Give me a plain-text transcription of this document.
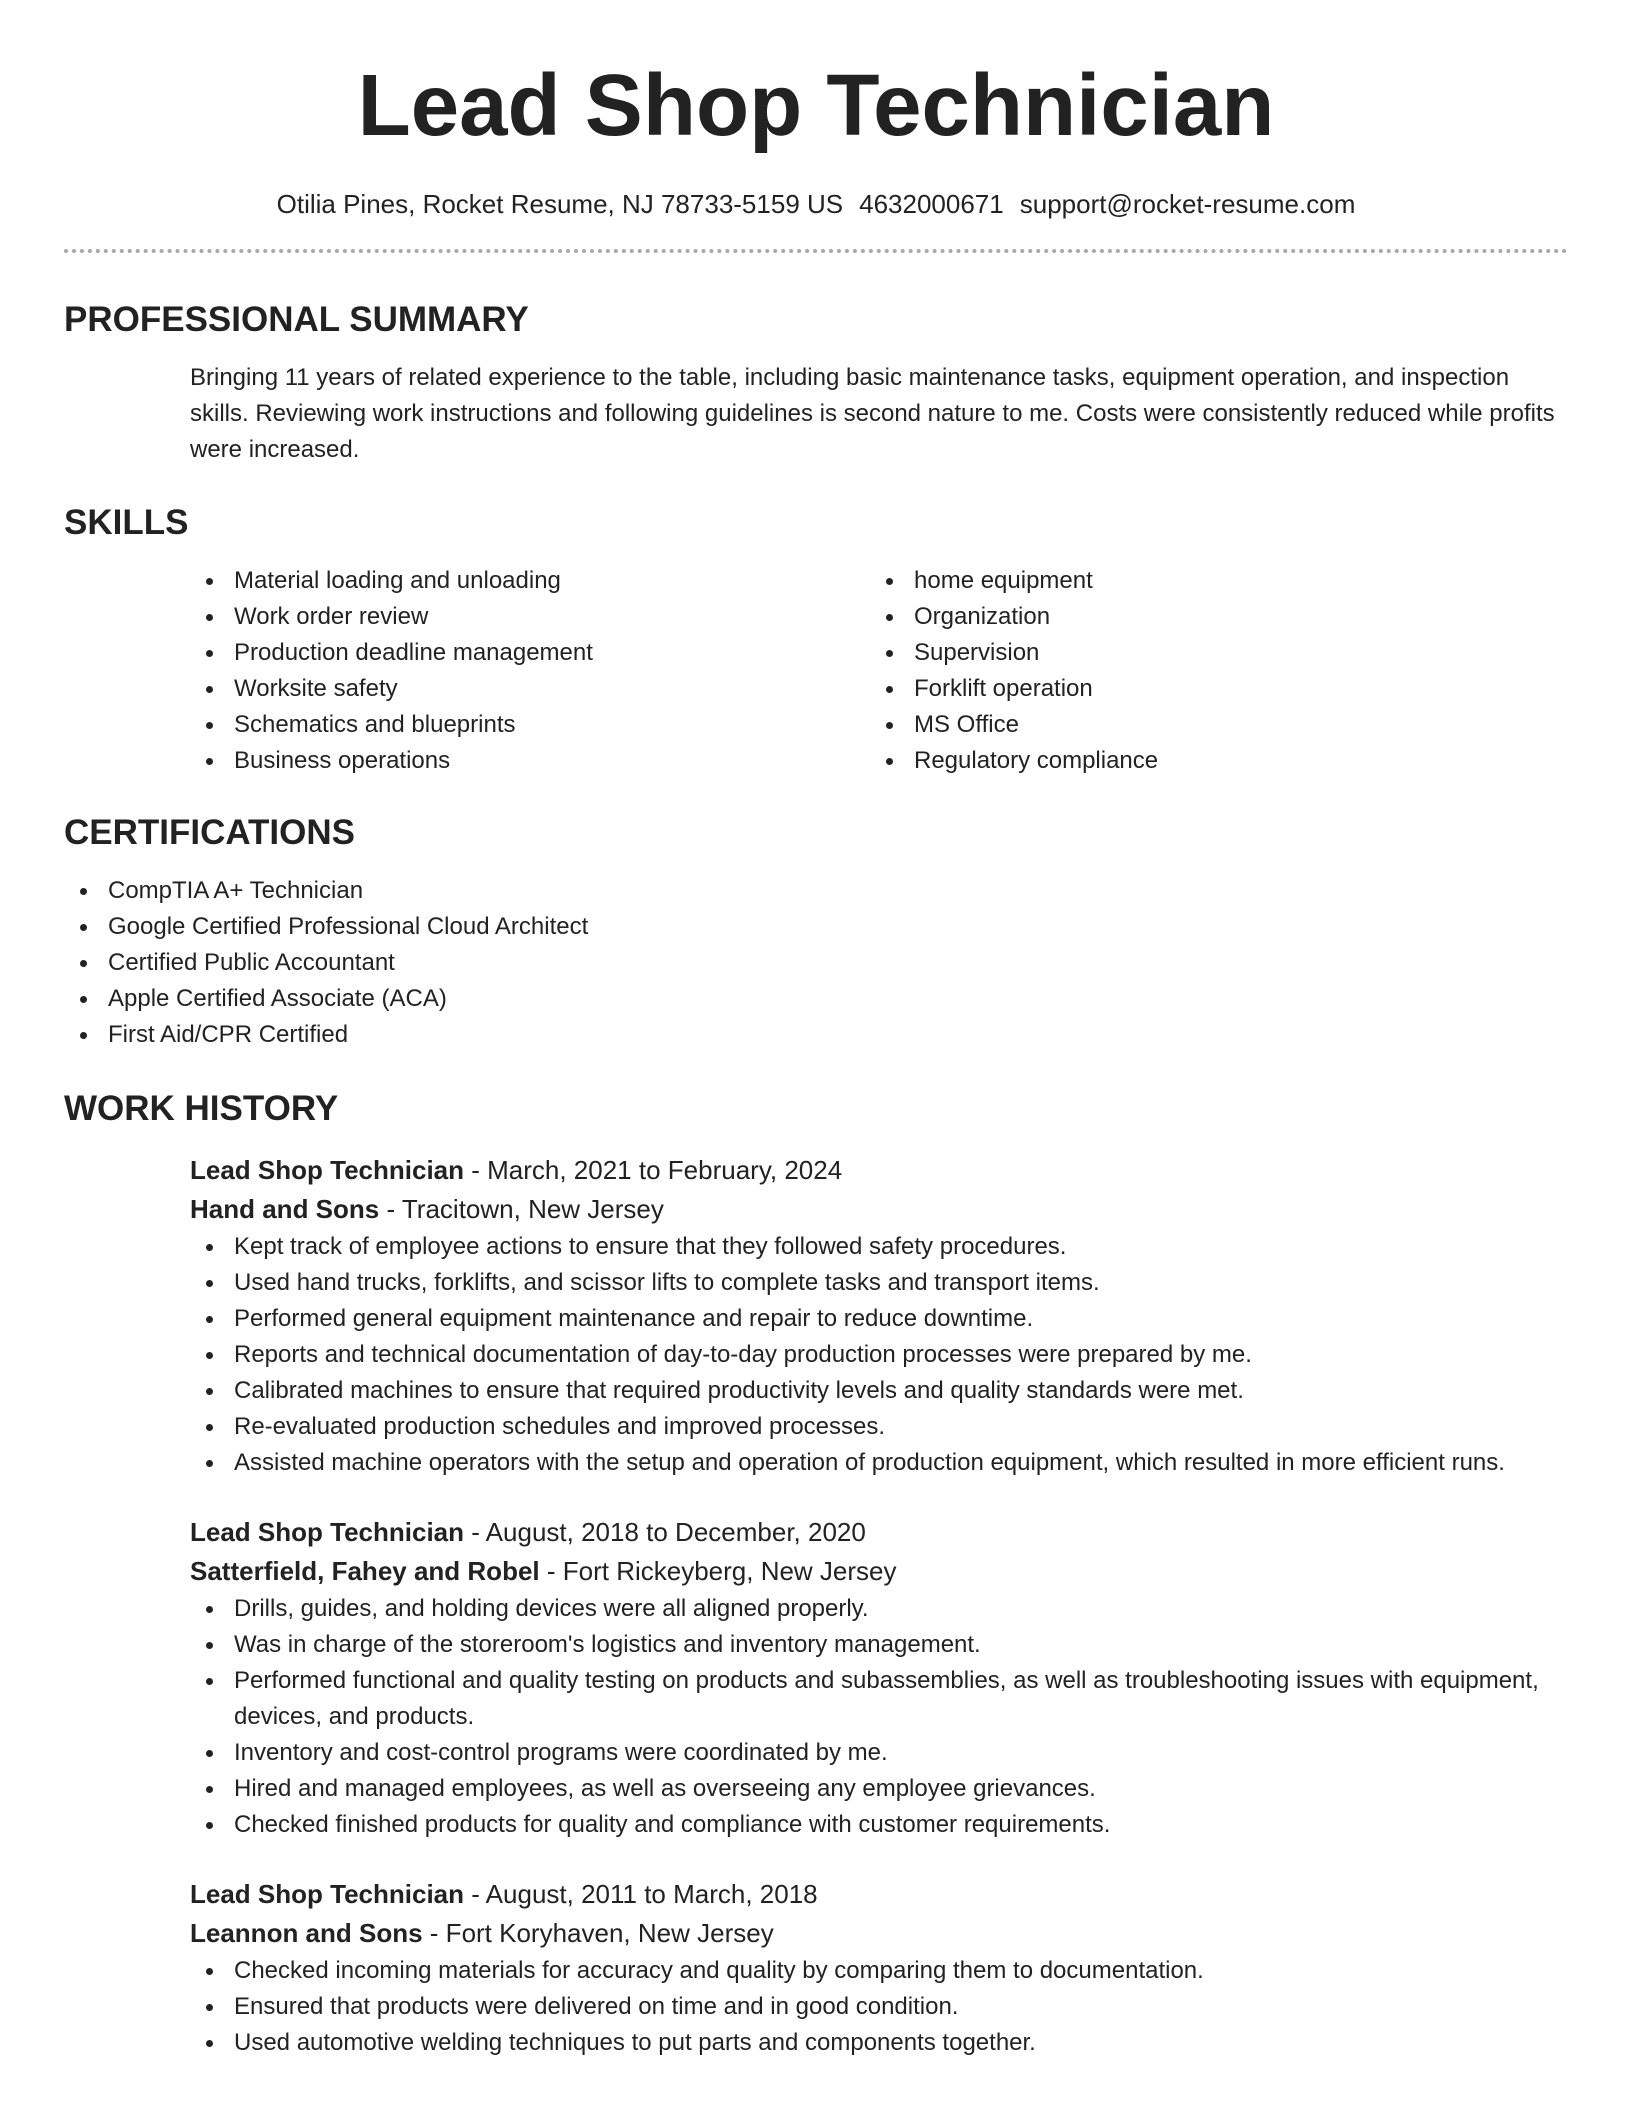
Lead Shop Technician
Otilia Pines, Rocket Resume, NJ 78733-5159 US 4632000671 support@rocket-resume.com
PROFESSIONAL SUMMARY
Bringing 11 years of related experience to the table, including basic maintenance tasks, equipment operation, and inspection skills. Reviewing work instructions and following guidelines is second nature to me. Costs were consistently reduced while profits were increased.
SKILLS
Material loading and unloading
Work order review
Production deadline management
Worksite safety
Schematics and blueprints
Business operations
home equipment
Organization
Supervision
Forklift operation
MS Office
Regulatory compliance
CERTIFICATIONS
CompTIA A+ Technician
Google Certified Professional Cloud Architect
Certified Public Accountant
Apple Certified Associate (ACA)
First Aid/CPR Certified
WORK HISTORY
Lead Shop Technician - March, 2021 to February, 2024
Hand and Sons - Tracitown, New Jersey
Kept track of employee actions to ensure that they followed safety procedures.
Used hand trucks, forklifts, and scissor lifts to complete tasks and transport items.
Performed general equipment maintenance and repair to reduce downtime.
Reports and technical documentation of day-to-day production processes were prepared by me.
Calibrated machines to ensure that required productivity levels and quality standards were met.
Re-evaluated production schedules and improved processes.
Assisted machine operators with the setup and operation of production equipment, which resulted in more efficient runs.
Lead Shop Technician - August, 2018 to December, 2020
Satterfield, Fahey and Robel - Fort Rickeyberg, New Jersey
Drills, guides, and holding devices were all aligned properly.
Was in charge of the storeroom's logistics and inventory management.
Performed functional and quality testing on products and subassemblies, as well as troubleshooting issues with equipment, devices, and products.
Inventory and cost-control programs were coordinated by me.
Hired and managed employees, as well as overseeing any employee grievances.
Checked finished products for quality and compliance with customer requirements.
Lead Shop Technician - August, 2011 to March, 2018
Leannon and Sons - Fort Koryhaven, New Jersey
Checked incoming materials for accuracy and quality by comparing them to documentation.
Ensured that products were delivered on time and in good condition.
Used automotive welding techniques to put parts and components together.
